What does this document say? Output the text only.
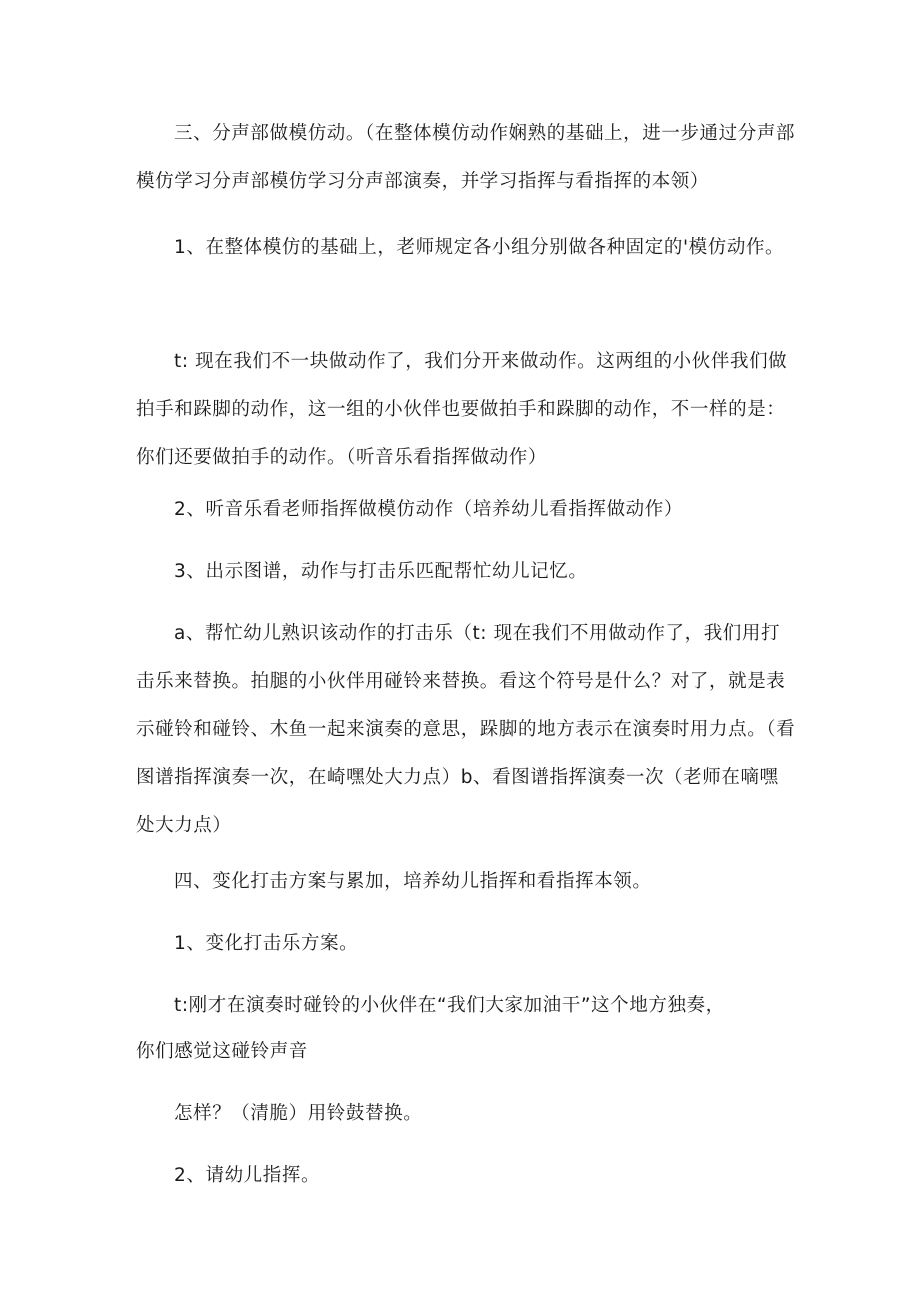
三、分声部做模仿动。（在整体模仿动作娴熟的基础上，进一步通过分声部模仿学习分声部模仿学习分声部演奏，并学习指挥与看指挥的本领）

1、在整体模仿的基础上，老师规定各小组分别做各种固定的'模仿动作。

t: 现在我们不一块做动作了，我们分开来做动作。这两组的小伙伴我们做拍手和跺脚的动作，这一组的小伙伴也要做拍手和跺脚的动作，不一样的是：你们还要做拍手的动作。（听音乐看指挥做动作）

2、听音乐看老师指挥做模仿动作（培养幼儿看指挥做动作）

3、出示图谱，动作与打击乐匹配帮忙幼儿记忆。

a、帮忙幼儿熟识该动作的打击乐（t: 现在我们不用做动作了，我们用打击乐来替换。拍腿的小伙伴用碰铃来替换。看这个符号是什么？对了，就是表示碰铃和碰铃、木鱼一起来演奏的意思，跺脚的地方表示在演奏时用力点。（看图谱指挥演奏一次，在崎嘿处大力点）b、看图谱指挥演奏一次（老师在嘀嘿处大力点）

四、变化打击方案与累加，培养幼儿指挥和看指挥本领。

1、变化打击乐方案。

t:刚才在演奏时碰铃的小伙伴在“我们大家加油干”这个地方独奏，

你们感觉这碰铃声音

怎样？（清脆）用铃鼓替换。

2、请幼儿指挥。
